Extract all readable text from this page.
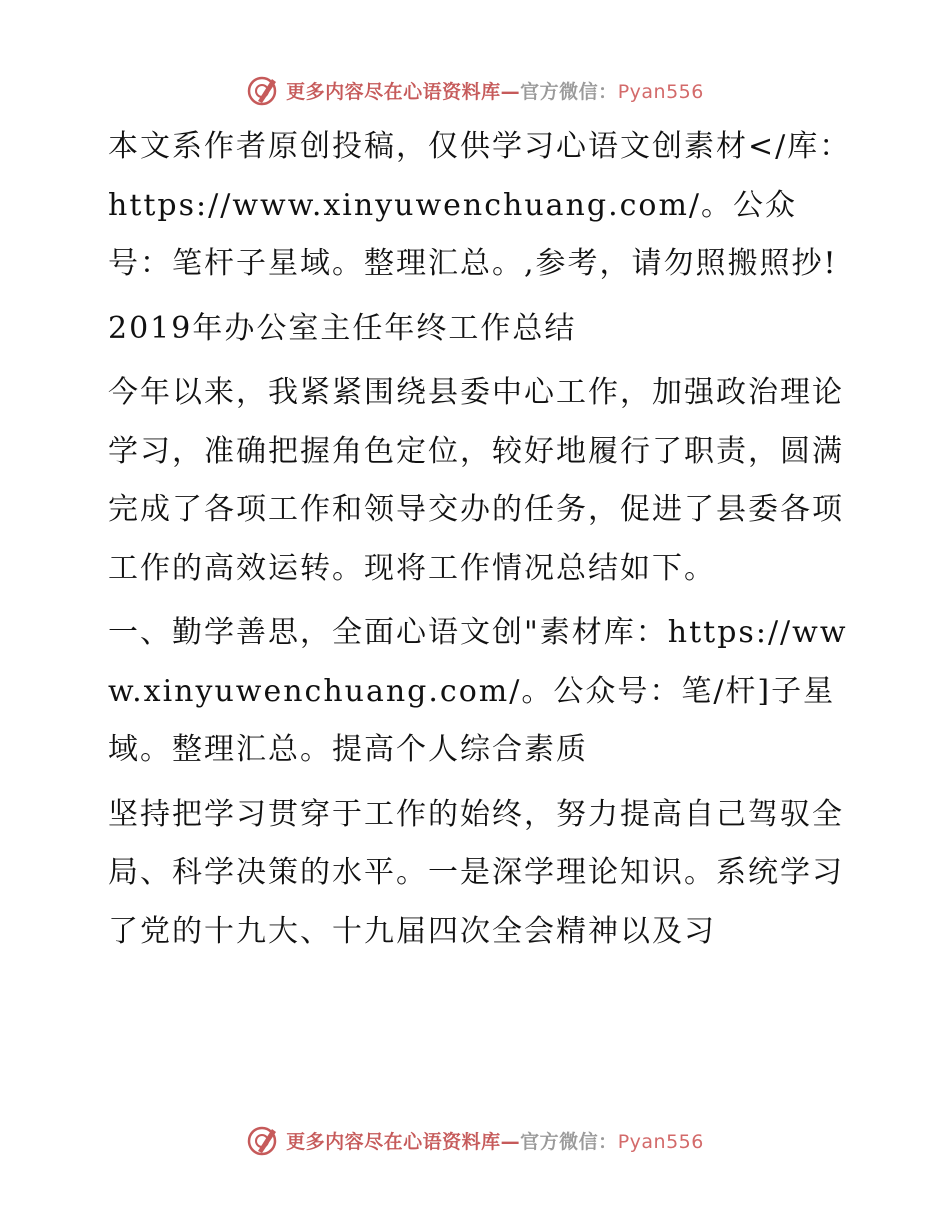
更多内容尽在心语资料库—官方微信：Pyan556

本文系作者原创投稿，仅供学习心语文创素材</库：https://www.xinyuwenchuang.com/。公众号：笔杆子星域。整理汇总。,参考，请勿照搬照抄!

2019年办公室主任年终工作总结

今年以来，我紧紧围绕县委中心工作，加强政治理论学习，准确把握角色定位，较好地履行了职责，圆满完成了各项工作和领导交办的任务，促进了县委各项工作的高效运转。现将工作情况总结如下。

一、勤学善思，全面心语文创"素材库：https://www.xinyuwenchuang.com/。公众号：笔/杆]子星域。整理汇总。提高个人综合素质

坚持把学习贯穿于工作的始终，努力提高自己驾驭全局、科学决策的水平。一是深学理论知识。系统学习了党的十九大、十九届四次全会精神以及习

更多内容尽在心语资料库—官方微信：Pyan556
